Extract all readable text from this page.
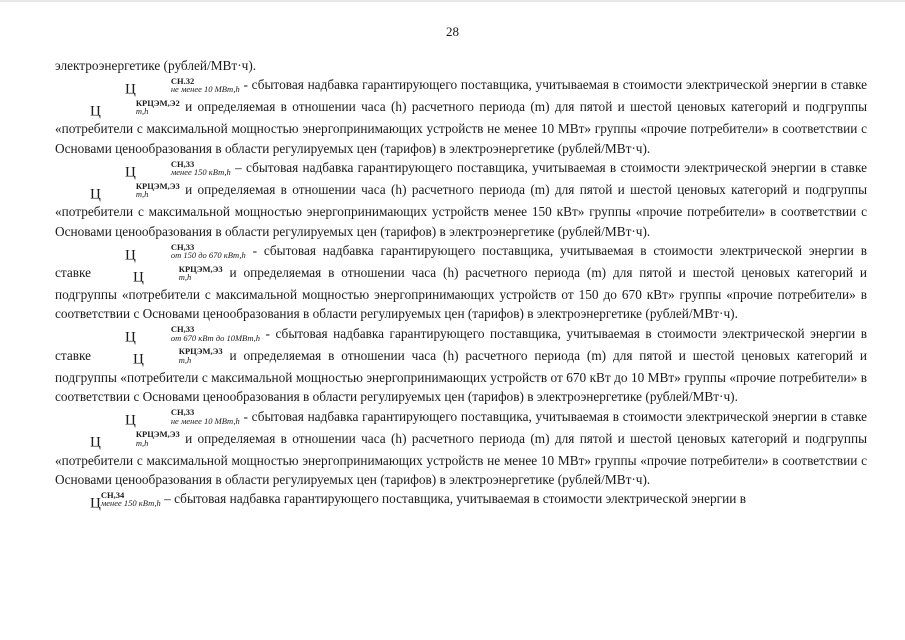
28

электроэнергетике (рублей/МВт·ч).

Ц
СН.32
не менее 10 МВт,h - сбытовая надбавка гарантирующего поставщика, учитываемая в стоимости электрической энергии в ставке Ц
КРЦЭМ,Э2
m,h	и определяемая в отношении часа (h) расчетного периода (m) для пятой и шестой ценовых категорий и подгруппы «потребители с максимальной мощностью энергопринимающих устройств не менее 10 МВт» группы «прочие потребители» в соответствии с Основами ценообразования в области регулируемых цен (тарифов) в электроэнергетике (рублей/МВт·ч).

Ц
СН,33
менее 150 кВт,h – сбытовая надбавка гарантирующего поставщика, учитываемая в стоимости электрической энергии в ставке Ц
КРЦЭМ,Э3
m,h	и определяемая в отношении часа (h) расчетного периода (m) для пятой и шестой ценовых категорий и подгруппы «потребители с максимальной мощностью энергопринимающих устройств менее 150 кВт» группы «прочие потребители» в соответствии с Основами ценообразования в области регулируемых цен (тарифов) в электроэнергетике (рублей/МВт·ч).

Ц
СН,33
от 150 до 670 кВт,h - сбытовая надбавка гарантирующего поставщика, учитываемая в стоимости электрической энергии в ставке Ц
КРЦЭМ,Э3
m,h	и определяемая в отношении часа (h) расчетного периода (m) для пятой и шестой ценовых категорий и подгруппы «потребители с максимальной мощностью энергопринимающих устройств от 150 до 670 кВт» группы «прочие потребители» в соответствии с Основами ценообразования в области регулируемых цен (тарифов) в электроэнергетике (рублей/МВт·ч).

Ц
СН,33
от 670 кВт до 10МВт,h - сбытовая надбавка гарантирующего поставщика, учитываемая в стоимости электрической энергии в ставке Ц
КРЦЭМ,Э3
m,h	и определяемая в отношении часа (h) расчетного периода (m) для пятой и шестой ценовых категорий и подгруппы «потребители с максимальной мощностью энергопринимающих устройств от 670 кВт до 10 МВт» группы «прочие потребители» в соответствии с Основами ценообразования в области регулируемых цен (тарифов) в электроэнергетике (рублей/МВт·ч).

Ц
СН,33
не менее 10 МВт,h - сбытовая надбавка гарантирующего поставщика, учитываемая в стоимости электрической энергии в ставке Ц
КРЦЭМ,Э3
m,h	и определяемая в отношении часа (h) расчетного периода (m) для пятой и шестой ценовых категорий и подгруппы «потребители с максимальной мощностью энергопринимающих устройств не менее 10 МВт» группы «прочие потребители» в соответствии с Основами ценообразования в области регулируемых цен (тарифов) в электроэнергетике (рублей/МВт·ч).

Ц
СН,34
менее 150 кВт,h – сбытовая надбавка гарантирующего поставщика, учитываемая в стоимости электрической энергии в
